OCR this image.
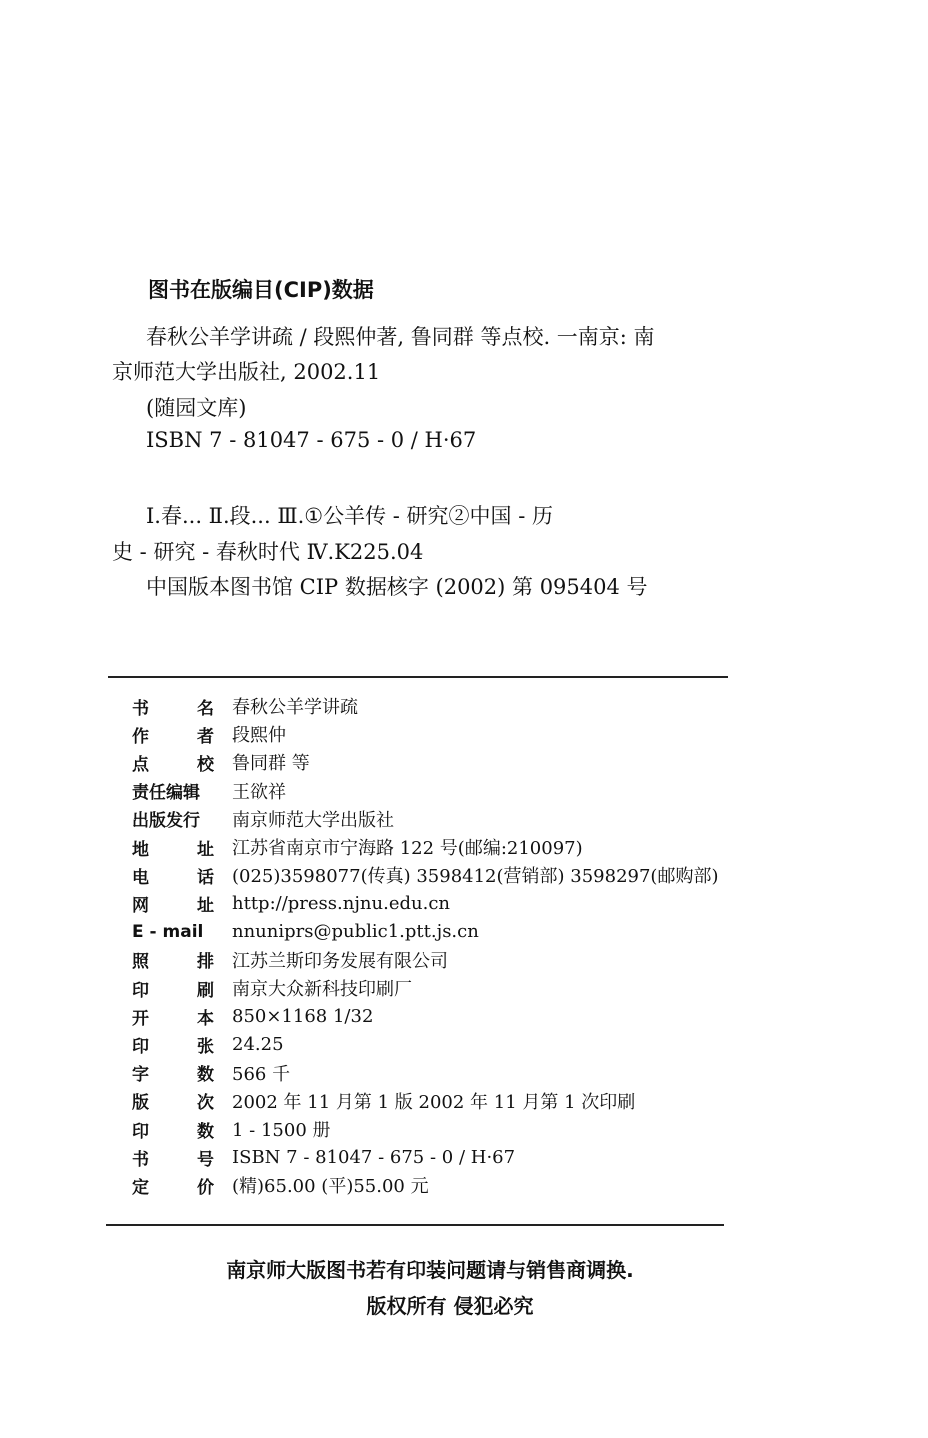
图书在版编目(CIP)数据
春秋公羊学讲疏 / 段熙仲著, 鲁同群 等点校. 一南京: 南
京师范大学出版社, 2002.11
(随园文库)
ISBN 7 - 81047 - 675 - 0 / H·67
Ⅰ.春... Ⅱ.段... Ⅲ.①公羊传 - 研究②中国 - 历
史 - 研究 - 春秋时代 Ⅳ.K225.04
中国版本图书馆 CIP 数据核字 (2002) 第 095404 号
书	名 春秋公羊学讲疏
作	者 段熙仲
点	校 鲁同群 等
责任编辑	王欲祥
出版发行	南京师范大学出版社
地	址 江苏省南京市宁海路 122 号(邮编:210097)
电	话 (025)3598077(传真) 3598412(营销部) 3598297(邮购部)
网	址 http://press.njnu.edu.cn
E - mail	nnuniprs@public1.ptt.js.cn
照	排 江苏兰斯印务发展有限公司
印	刷 南京大众新科技印刷厂
开	本 850×1168 1/32
印	张 24.25
字	数 566 千
版	次 2002 年 11 月第 1 版 2002 年 11 月第 1 次印刷
印	数 1 - 1500 册
书	号 ISBN 7 - 81047 - 675 - 0 / H·67
定	价 (精)65.00 (平)55.00 元
南京师大版图书若有印装问题请与销售商调换.
版权所有 侵犯必究
